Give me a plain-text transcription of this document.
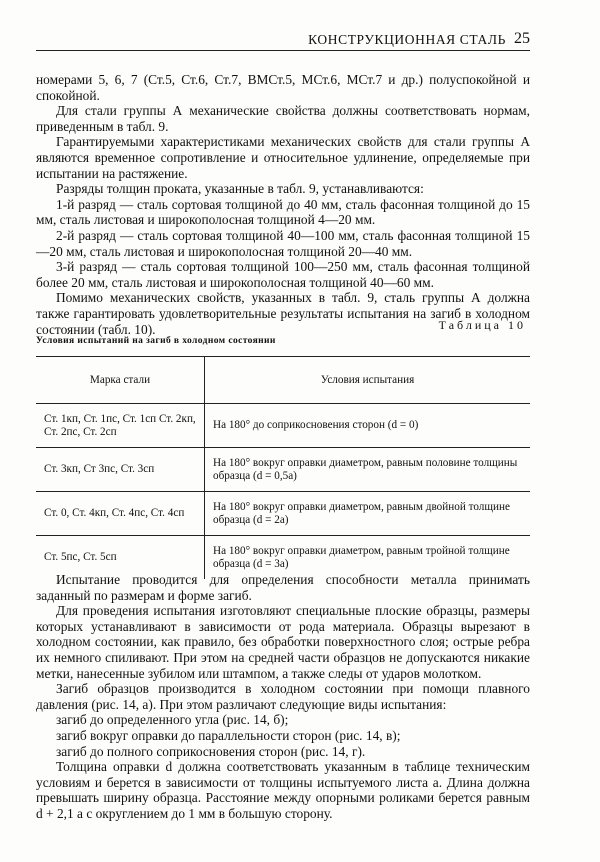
КОНСТРУКЦИОННАЯ СТАЛЬ 25

номерами 5, 6, 7 (Ст.5, Ст.6, Ст.7, ВМСт.5, МСт.6, МСт.7 и др.) полуспокойной и спокойной.

Для стали группы А механические свойства должны соответствовать нормам, приведенным в табл. 9.

Гарантируемыми характеристиками механических свойств для стали группы А являются временное сопротивление и относительное удлинение, определяемые при испытании на растяжение.

Разряды толщин проката, указанные в табл. 9, устанавливаются:

1-й разряд — сталь сортовая толщиной до 40 мм, сталь фасонная толщиной до 15 мм, сталь листовая и широкополосная толщиной 4—20 мм.

2-й разряд — сталь сортовая толщиной 40—100 мм, сталь фасонная толщиной 15—20 мм, сталь листовая и широкополосная толщиной 20—40 мм.

3-й разряд — сталь сортовая толщиной 100—250 мм, сталь фасонная толщиной более 20 мм, сталь листовая и широкополосная толщиной 40—60 мм.

Помимо механических свойств, указанных в табл. 9, сталь группы А должна также гарантировать удовлетворительные результаты испытания на загиб в холодном состоянии (табл. 10).	Таблица 10
Условия испытаний на загиб в холодном состоянии
Марка стали	Условия испытания
Ст. 1кп, Ст. 1пс, Ст. 1сп Ст. 2кп, Ст. 2пс, Ст. 2сп	На 180° до соприкосновения сторон (d = 0)
Ст. 3кп, Ст 3пс, Ст. 3сп	На 180° вокруг оправки диаметром, равным половине толщины образца (d = 0,5a)
Ст. 0, Ст. 4кп, Ст. 4пс, Ст. 4сп	На 180° вокруг оправки диаметром, равным двойной толщине образца (d = 2a)
Ст. 5пс, Ст. 5сп	На 180° вокруг оправки диаметром, равным тройной толщине образца (d = 3a)

Испытание проводится для определения способности металла принимать заданный по размерам и форме загиб.

Для проведения испытания изготовляют специальные плоские образцы, размеры которых устанавливают в зависимости от рода материала. Образцы вырезают в холодном состоянии, как правило, без обработки поверхностного слоя; острые ребра их немного спиливают. При этом на средней части образцов не допускаются никакие метки, нанесенные зубилом или штампом, а также следы от ударов молотком.

Загиб образцов производится в холодном состоянии при помощи плавного давления (рис. 14, а). При этом различают следующие виды испытания:

загиб до определенного угла (рис. 14, б);

загиб вокруг оправки до параллельности сторон (рис. 14, в);

загиб до полного соприкосновения сторон (рис. 14, г).

Толщина оправки d должна соответствовать указанным в таблице техническим условиям и берется в зависимости от толщины испытуемого листа a. Длина должна превышать ширину образца. Расстояние между опорными роликами берется равным d + 2,1 a с округлением до 1 мм в большую сторону.
